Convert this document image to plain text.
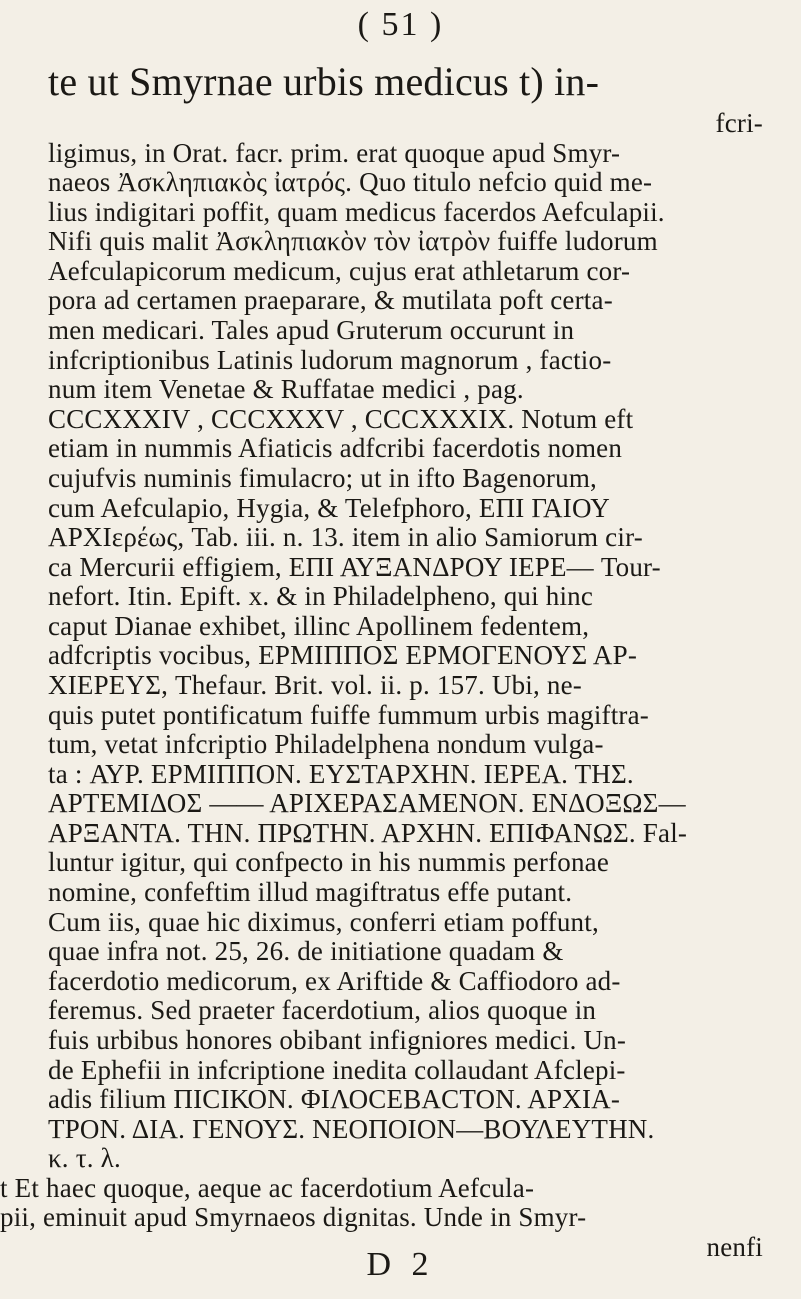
( 51 )
te ut Smyrnae urbis medicus t) in-
fcri-
ligimus, in Orat. facr. prim. erat quoque apud Smyr-
naeos Ἀσκληπιακὸς ἰατρός. Quo titulo nefcio quid me-
lius indigitari poffit, quam medicus facerdos Aefculapii.
Nifi quis malit Ἀσκληπιακὸν τὸν ἰατρὸν fuiffe ludorum
Aefculapicorum medicum, cujus erat athletarum cor-
pora ad certamen praeparare, & mutilata poft certa-
men medicari. Tales apud Gruterum occurunt in
infcriptionibus Latinis ludorum magnorum , factio-
num item Venetae & Ruffatae medici , pag.
CCCXXXIV , CCCXXXV , CCCXXXIX. Notum eft
etiam in nummis Afiaticis adfcribi facerdotis nomen
cujufvis numinis fimulacro; ut in ifto Bagenorum,
cum Aefculapio, Hygia, & Telefphoro, ΕΠΙ ΓΑΙΟΥ
ΑΡΧΙερέως, Tab. iii. n. 13. item in alio Samiorum cir-
ca Mercurii effigiem, ΕΠΙ ΑΥΞΑΝΔΡΟΥ ΙΕΡΕ— Tour-
nefort. Itin. Epift. x. & in Philadelpheno, qui hinc
caput Dianae exhibet, illinc Apollinem fedentem,
adfcriptis vocibus, ΕΡΜΙΠΠΟΣ ΕΡΜΟΓΕΝΟΥΣ ΑΡ-
ΧΙΕΡΕΥΣ, Thefaur. Brit. vol. ii. p. 157. Ubi, ne-
quis putet pontificatum fuiffe fummum urbis magiftra-
tum, vetat infcriptio Philadelphena nondum vulga-
ta : ΑΥΡ. ΕΡΜΙΠΠΟΝ. ΕΥΣΤΑΡΧΗΝ. ΙΕΡΕΑ. ΤΗΣ.
ΑΡΤΕΜΙΔΟΣ —— ΑΡΙΧΕΡΑΣΑΜΕΝΟΝ. ΕΝΔΟΞΩΣ—
ΑΡΞΑΝΤΑ. ΤΗΝ. ΠΡΩΤΗΝ. ΑΡΧΗΝ. ΕΠΙΦΑΝΩΣ. Fal-
luntur igitur, qui confpecto in his nummis perfonae
nomine, confeftim illud magiftratus effe putant.
Cum iis, quae hic diximus, conferri etiam poffunt,
quae infra not. 25, 26. de initiatione quadam &
facerdotio medicorum, ex Ariftide & Caffiodoro ad-
feremus. Sed praeter facerdotium, alios quoque in
fuis urbibus honores obibant infigniores medici. Un-
de Ephefii in infcriptione inedita collaudant Afclepi-
adis filium ΠΙCΙΚΟΝ. ΦΙΛΟCΕΒΑCΤΟΝ. ΑΡΧΙΑ-
ΤΡΟΝ. ΔΙΑ. ΓΕΝΟΥΣ. ΝΕΟΠΟΙΟΝ—ΒΟΥΛΕΥΤΗΝ.
κ. τ. λ.
t Et haec quoque, aeque ac facerdotium Aefcula-
pii, eminuit apud Smyrnaeos dignitas. Unde in Smyr-
nenfi
D 2
